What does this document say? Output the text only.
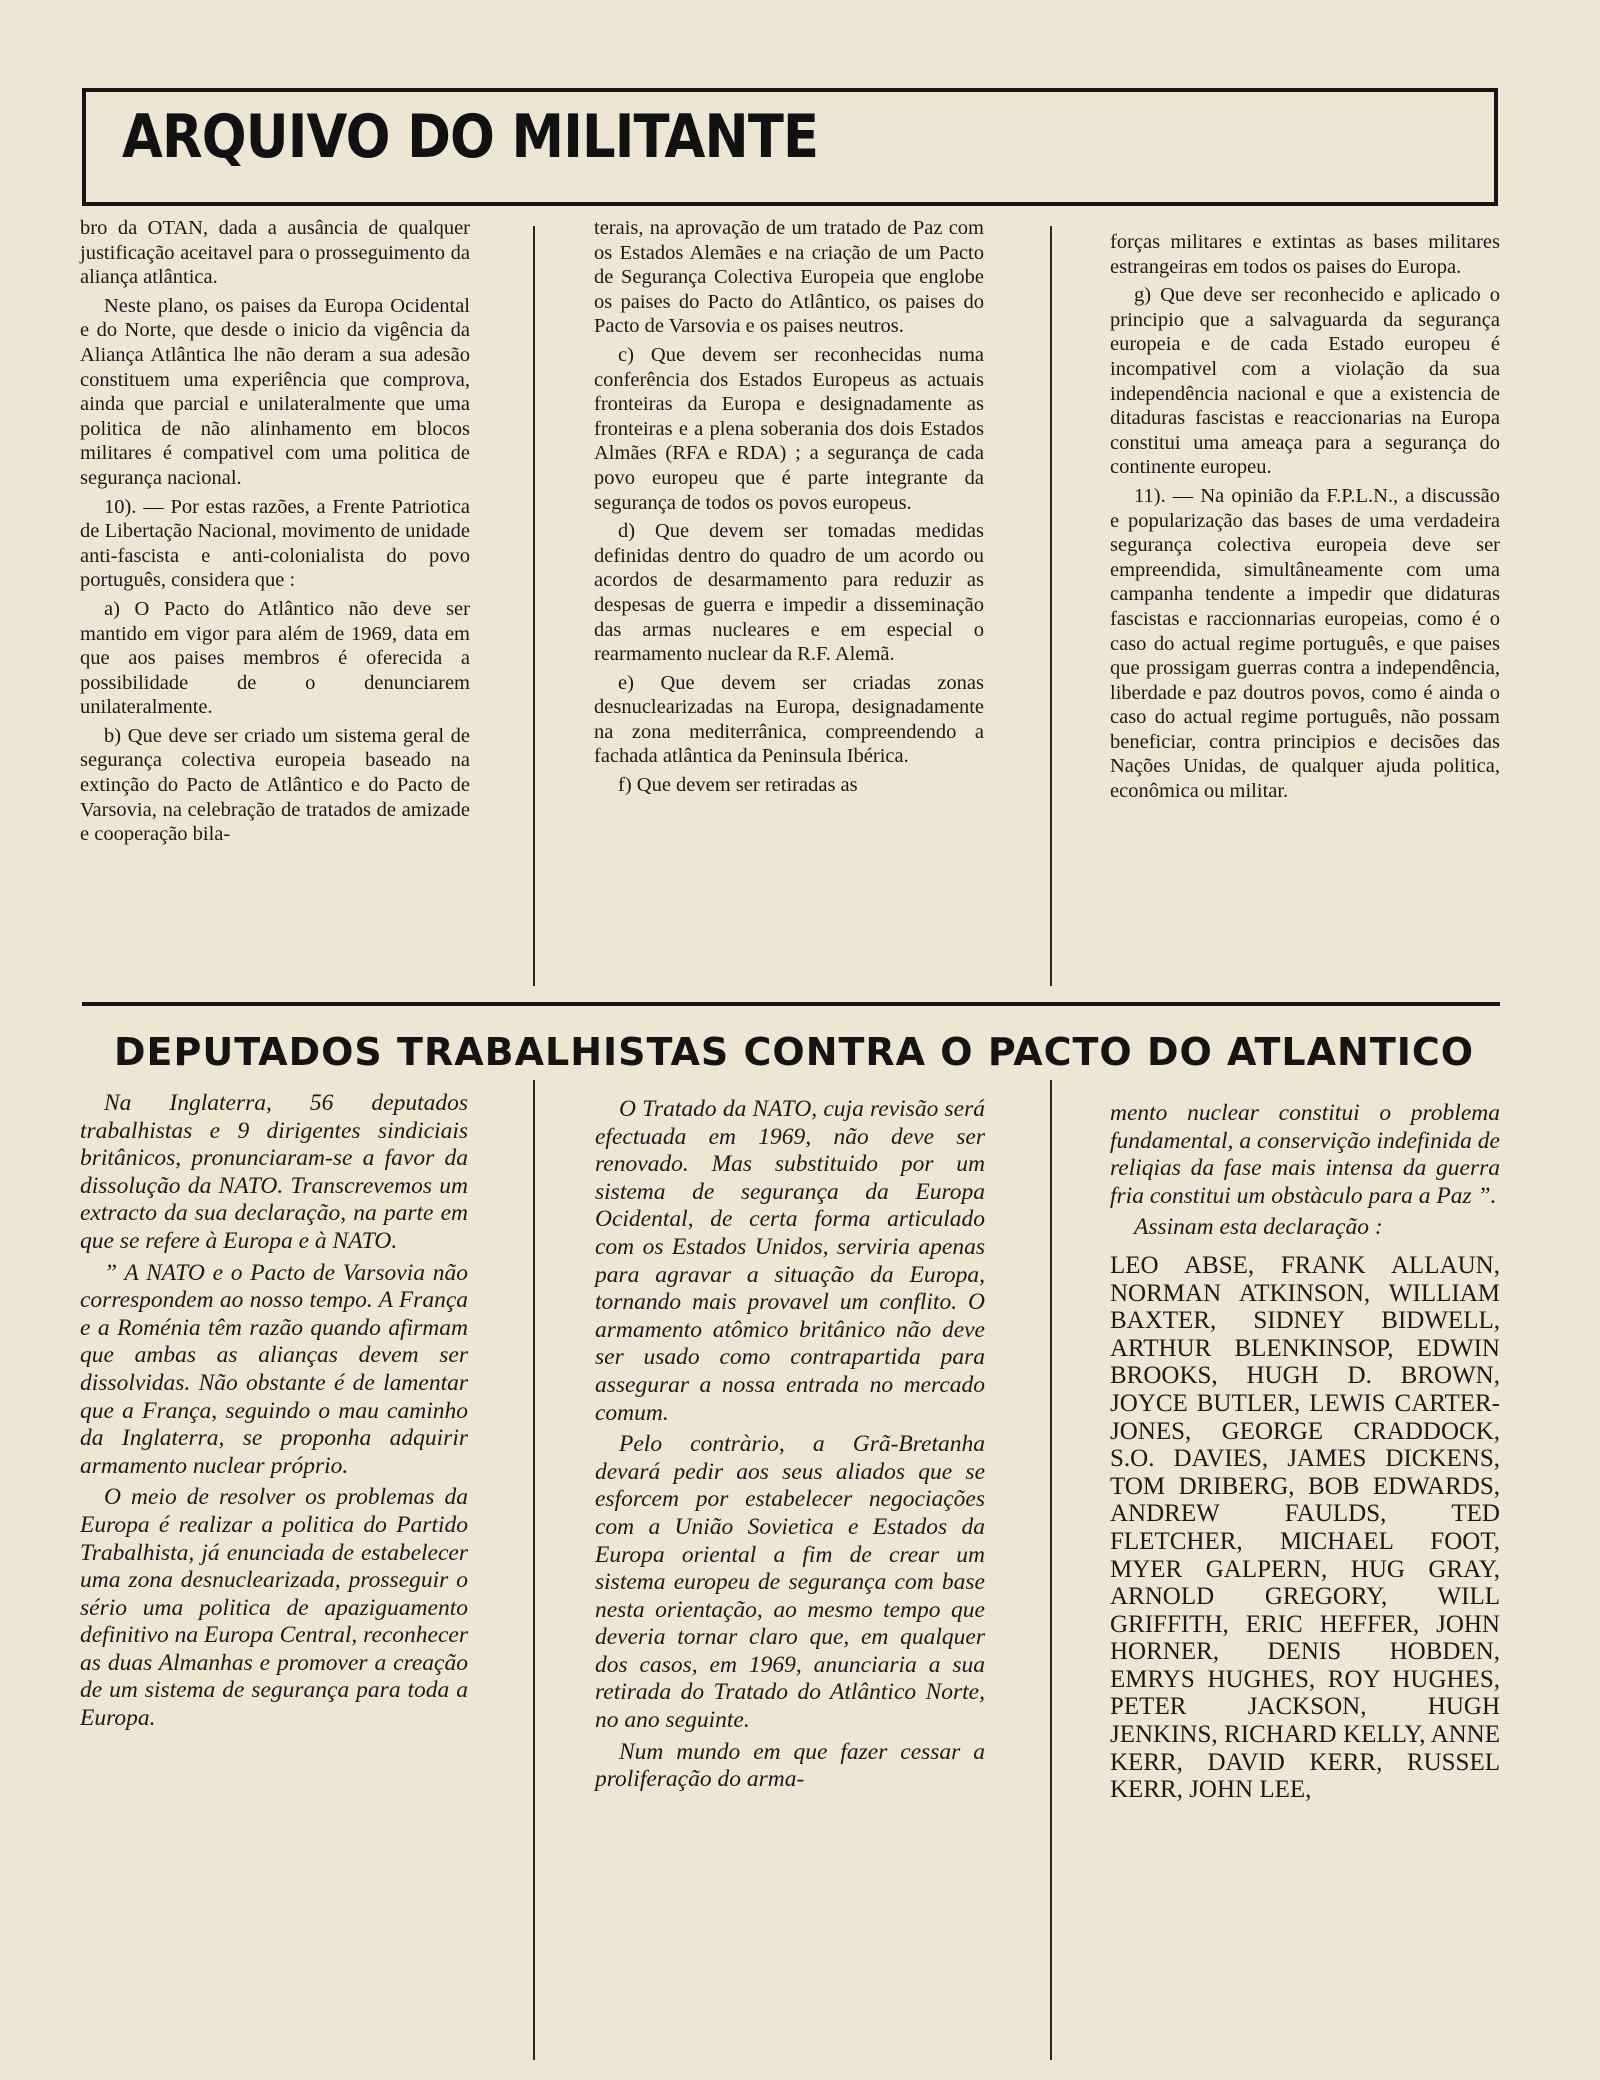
ARQUIVO DO MILITANTE

bro da OTAN, dada a ausância de qualquer justificação aceitavel para o prosseguimento da aliança atlântica.

Neste plano, os paises da Europa Ocidental e do Norte, que desde o inicio da vigência da Aliança Atlântica lhe não deram a sua adesão constituem uma experiência que comprova, ainda que parcial e unilateralmente que uma politica de não alinhamento em blocos militares é compativel com uma politica de segurança nacional.

10). — Por estas razões, a Frente Patriotica de Libertação Nacional, movimento de unidade anti-fascista e anti-colonialista do povo português, considera que :

a) O Pacto do Atlântico não deve ser mantido em vigor para além de 1969, data em que aos paises membros é oferecida a possibilidade de o denunciarem unilateralmente.

b) Que deve ser criado um sistema geral de segurança colectiva europeia baseado na extinção do Pacto de Atlântico e do Pacto de Varsovia, na celebração de tratados de amizade e cooperação bila-

terais, na aprovação de um tratado de Paz com os Estados Alemães e na criação de um Pacto de Segurança Colectiva Europeia que englobe os paises do Pacto do Atlântico, os paises do Pacto de Varsovia e os paises neutros.

c) Que devem ser reconhecidas numa conferência dos Estados Europeus as actuais fronteiras da Europa e designadamente as fronteiras e a plena soberania dos dois Estados Almães (RFA e RDA) ; a segurança de cada povo europeu que é parte integrante da segurança de todos os povos europeus.

d) Que devem ser tomadas medidas definidas dentro do quadro de um acordo ou acordos de desarmamento para reduzir as despesas de guerra e impedir a disseminação das armas nucleares e em especial o rearmamento nuclear da R.F. Alemã.

e) Que devem ser criadas zonas desnuclearizadas na Europa, designadamente na zona mediterrânica, compreendendo a fachada atlântica da Peninsula Ibérica.

f) Que devem ser retiradas as

forças militares e extintas as bases militares estrangeiras em todos os paises do Europa.

g) Que deve ser reconhecido e aplicado o principio que a salvaguarda da segurança europeia e de cada Estado europeu é incompativel com a violação da sua independência nacional e que a existencia de ditaduras fascistas e reaccionarias na Europa constitui uma ameaça para a segurança do continente europeu.

11). — Na opinião da F.P.L.N., a discussão e popularização das bases de uma verdadeira segurança colectiva europeia deve ser empreendida, simultâneamente com uma campanha tendente a impedir que didaturas fascistas e raccionnarias europeias, como é o caso do actual regime português, e que paises que prossigam guerras contra a independência, liberdade e paz doutros povos, como é ainda o caso do actual regime português, não possam beneficiar, contra principios e decisões das Nações Unidas, de qualquer ajuda politica, econômica ou militar.

DEPUTADOS TRABALHISTAS CONTRA O PACTO DO ATLANTICO

Na Inglaterra, 56 deputados trabalhistas e 9 dirigentes sindiciais britânicos, pronunciaram-se a favor da dissolução da NATO. Transcrevemos um extracto da sua declaração, na parte em que se refere à Europa e à NATO.

” A NATO e o Pacto de Varsovia não correspondem ao nosso tempo. A França e a Roménia têm razão quando afirmam que ambas as alianças devem ser dissolvidas. Não obstante é de lamentar que a França, seguindo o mau caminho da Inglaterra, se proponha adquirir armamento nuclear próprio.

O meio de resolver os problemas da Europa é realizar a politica do Partido Trabalhista, já enunciada de estabelecer uma zona desnuclearizada, prosseguir o sério uma politica de apaziguamento definitivo na Europa Central, reconhecer as duas Almanhas e promover a creação de um sistema de segurança para toda a Europa.

O Tratado da NATO, cuja revisão será efectuada em 1969, não deve ser renovado. Mas substituido por um sistema de segurança da Europa Ocidental, de certa forma articulado com os Estados Unidos, serviria apenas para agravar a situação da Europa, tornando mais provavel um conflito. O armamento atômico britânico não deve ser usado como contrapartida para assegurar a nossa entrada no mercado comum.

Pelo contràrio, a Grã-Bretanha devará pedir aos seus aliados que se esforcem por estabelecer negociações com a União Sovietica e Estados da Europa oriental a fim de crear um sistema europeu de segurança com base nesta orientação, ao mesmo tempo que deveria tornar claro que, em qualquer dos casos, em 1969, anunciaria a sua retirada do Tratado do Atlântico Norte, no ano seguinte.

Num mundo em que fazer cessar a proliferação do arma-

mento nuclear constitui o problema fundamental, a conservição indefinida de reliqias da fase mais intensa da guerra fria constitui um obstàculo para a Paz ”.

Assinam esta declaração :

LEO ABSE, FRANK ALLAUN, NORMAN ATKINSON, WILLIAM BAXTER, SIDNEY BIDWELL, ARTHUR BLENKINSOP, EDWIN BROOKS, HUGH D. BROWN, JOYCE BUTLER, LEWIS CARTER-JONES, GEORGE CRADDOCK, S.O. DAVIES, JAMES DICKENS, TOM DRIBERG, BOB EDWARDS, ANDREW FAULDS, TED FLETCHER, MICHAEL FOOT, MYER GALPERN, HUG GRAY, ARNOLD GREGORY, WILL GRIFFITH, ERIC HEFFER, JOHN HORNER, DENIS HOBDEN, EMRYS HUGHES, ROY HUGHES, PETER JACKSON, HUGH JENKINS, RICHARD KELLY, ANNE KERR, DAVID KERR, RUSSEL KERR, JOHN LEE,
